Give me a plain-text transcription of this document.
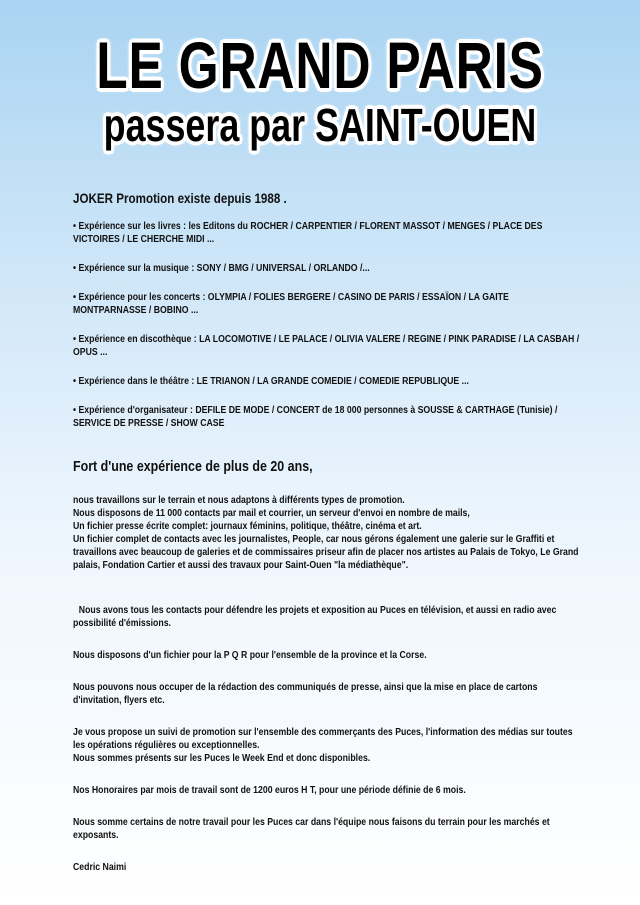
LE GRAND PARIS
passera par SAINT-OUEN

JOKER Promotion existe depuis 1988 .

• Expérience sur les livres : les Editons du ROCHER / CARPENTIER / FLORENT MASSOT / MENGES / PLACE DES VICTOIRES / LE CHERCHE MIDI ...

• Expérience sur la musique : SONY / BMG / UNIVERSAL / ORLANDO /...

• Expérience pour les concerts : OLYMPIA / FOLIES BERGERE / CASINO DE PARIS / ESSAÏON / LA GAITE MONTPARNASSE / BOBINO ...

• Expérience en discothèque : LA LOCOMOTIVE / LE PALACE / OLIVIA VALERE / REGINE / PINK PARADISE / LA CASBAH / OPUS ...

• Expérience dans le théâtre : LE TRIANON / LA GRANDE COMEDIE / COMEDIE REPUBLIQUE ...

• Expérience d'organisateur : DEFILE DE MODE / CONCERT de 18 000 personnes à SOUSSE & CARTHAGE (Tunisie) / SERVICE DE PRESSE / SHOW CASE

Fort d'une expérience de plus de 20 ans,

nous travaillons sur le terrain et nous adaptons à différents types de promotion.

Nous disposons de 11 000 contacts par mail et courrier, un serveur d'envoi en nombre de mails,

Un fichier presse écrite complet: journaux féminins, politique, théâtre, cinéma et art.

Un fichier complet de contacts avec les journalistes, People, car nous gérons également une galerie sur le Graffiti et travaillons avec beaucoup de galeries et de commissaires priseur afin de placer nos artistes au Palais de Tokyo, Le Grand palais, Fondation Cartier et aussi des travaux pour Saint-Ouen "la médiathèque".

Nous avons tous les contacts pour défendre les projets et exposition au Puces en télévision, et aussi en radio avec possibilité d'émissions.

Nous disposons d'un fichier pour la P Q R pour l'ensemble de la province et la Corse.

Nous pouvons nous occuper de la rédaction des communiqués de presse, ainsi que la mise en place de cartons d'invitation, flyers etc.

Je vous propose un suivi de promotion sur l'ensemble des commerçants des Puces, l'information des médias sur toutes les opérations régulières ou exceptionnelles.

Nous sommes présents sur les Puces le Week End et donc disponibles.

Nos Honoraires par mois de travail sont de 1200 euros H T, pour une période définie de 6 mois.

Nous somme certains de notre travail pour les Puces car dans l'équipe nous faisons du terrain pour les marchés et exposants.

Cedric Naimi
